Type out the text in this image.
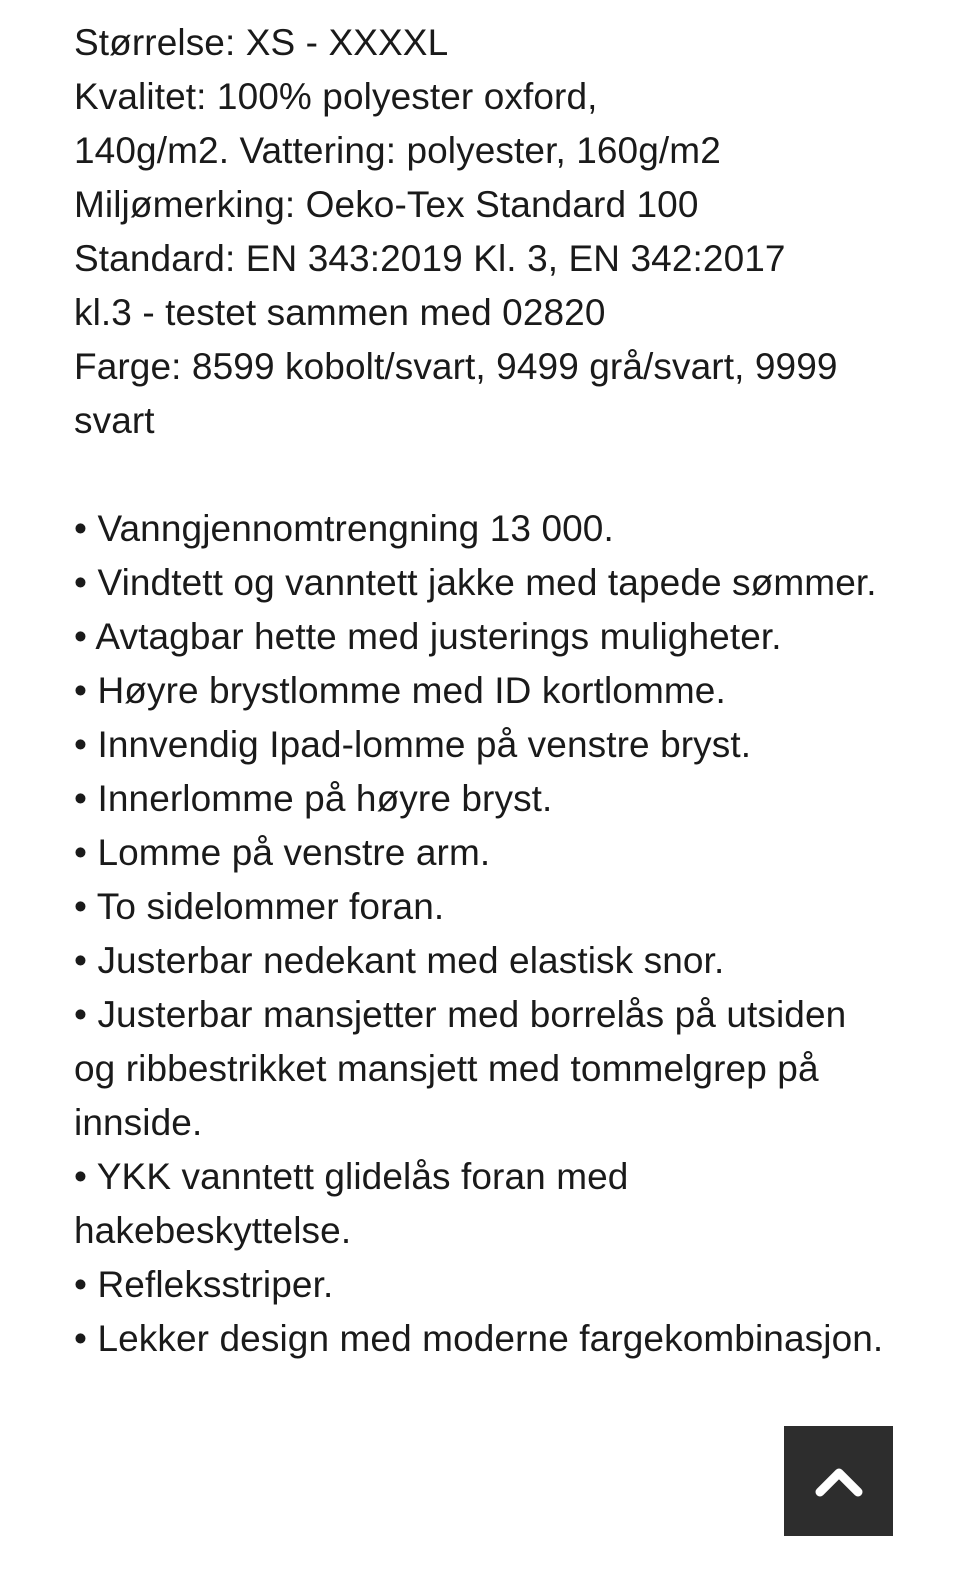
Størrelse: XS - XXXXL
Kvalitet: 100% polyester oxford,
140g/m2. Vattering: polyester, 160g/m2
Miljømerking: Oeko-Tex Standard 100
Standard: EN 343:2019 Kl. 3, EN 342:2017
kl.3 - testet sammen med 02820
Farge: 8599 kobolt/svart, 9499 grå/svart, 9999
svart
• Vanngjennomtrengning 13 000.
• Vindtett og vanntett jakke med tapede sømmer.
• Avtagbar hette med justerings muligheter.
• Høyre brystlomme med ID kortlomme.
• Innvendig Ipad-lomme på venstre bryst.
• Innerlomme på høyre bryst.
• Lomme på venstre arm.
• To sidelommer foran.
• Justerbar nedekant med elastisk snor.
• Justerbar mansjetter med borrelås på utsiden og ribbestrikket mansjett med tommelgrep på innside.
• YKK vanntett glidelås foran med hakebeskyttelse.
• Refleksstriper.
• Lekker design med moderne fargekombinasjon.
